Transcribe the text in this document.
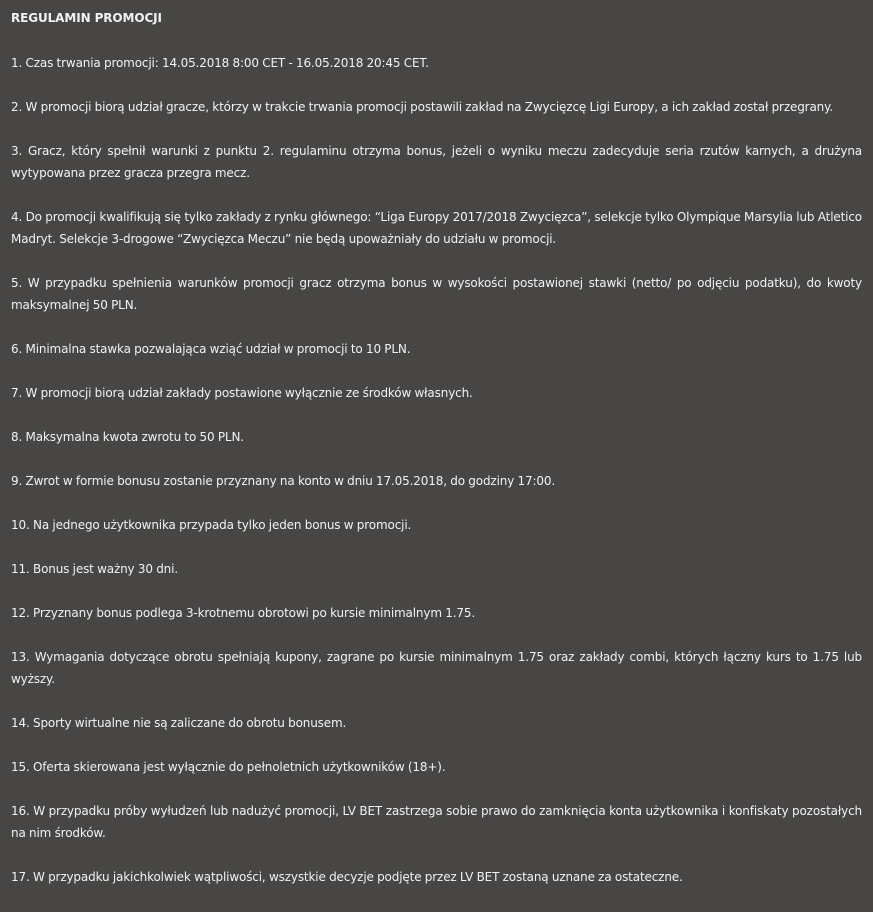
REGULAMIN PROMOCJI

1. Czas trwania promocji: 14.05.2018 8:00 CET - 16.05.2018 20:45 CET.

2. W promocji biorą udział gracze, którzy w trakcie trwania promocji postawili zakład na Zwycięzcę Ligi Europy, a ich zakład został przegrany.

3. Gracz, który spełnił warunki z punktu 2. regulaminu otrzyma bonus, jeżeli o wyniku meczu zadecyduje seria rzutów karnych, a drużyna wytypowana przez gracza przegra mecz.

4. Do promocji kwalifikują się tylko zakłady z rynku głównego: “Liga Europy 2017/2018 Zwycięzca”, selekcje tylko Olympique Marsylia lub Atletico Madryt. Selekcje 3-drogowe “Zwycięzca Meczu” nie będą upoważniały do udziału w promocji.

5. W przypadku spełnienia warunków promocji gracz otrzyma bonus w wysokości postawionej stawki (netto/ po odjęciu podatku), do kwoty maksymalnej 50 PLN.

6. Minimalna stawka pozwalająca wziąć udział w promocji to 10 PLN.

7. W promocji biorą udział zakłady postawione wyłącznie ze środków własnych.

8. Maksymalna kwota zwrotu to 50 PLN.

9. Zwrot w formie bonusu zostanie przyznany na konto w dniu 17.05.2018, do godziny 17:00.

10. Na jednego użytkownika przypada tylko jeden bonus w promocji.

11. Bonus jest ważny 30 dni.

12. Przyznany bonus podlega 3-krotnemu obrotowi po kursie minimalnym 1.75.

13. Wymagania dotyczące obrotu spełniają kupony, zagrane po kursie minimalnym 1.75 oraz zakłady combi, których łączny kurs to 1.75 lub wyższy.

14. Sporty wirtualne nie są zaliczane do obrotu bonusem.

15. Oferta skierowana jest wyłącznie do pełnoletnich użytkowników (18+).

16. W przypadku próby wyłudzeń lub nadużyć promocji, LV BET zastrzega sobie prawo do zamknięcia konta użytkownika i konfiskaty pozostałych na nim środków.

17. W przypadku jakichkolwiek wątpliwości, wszystkie decyzje podjęte przez LV BET zostaną uznane za ostateczne.
